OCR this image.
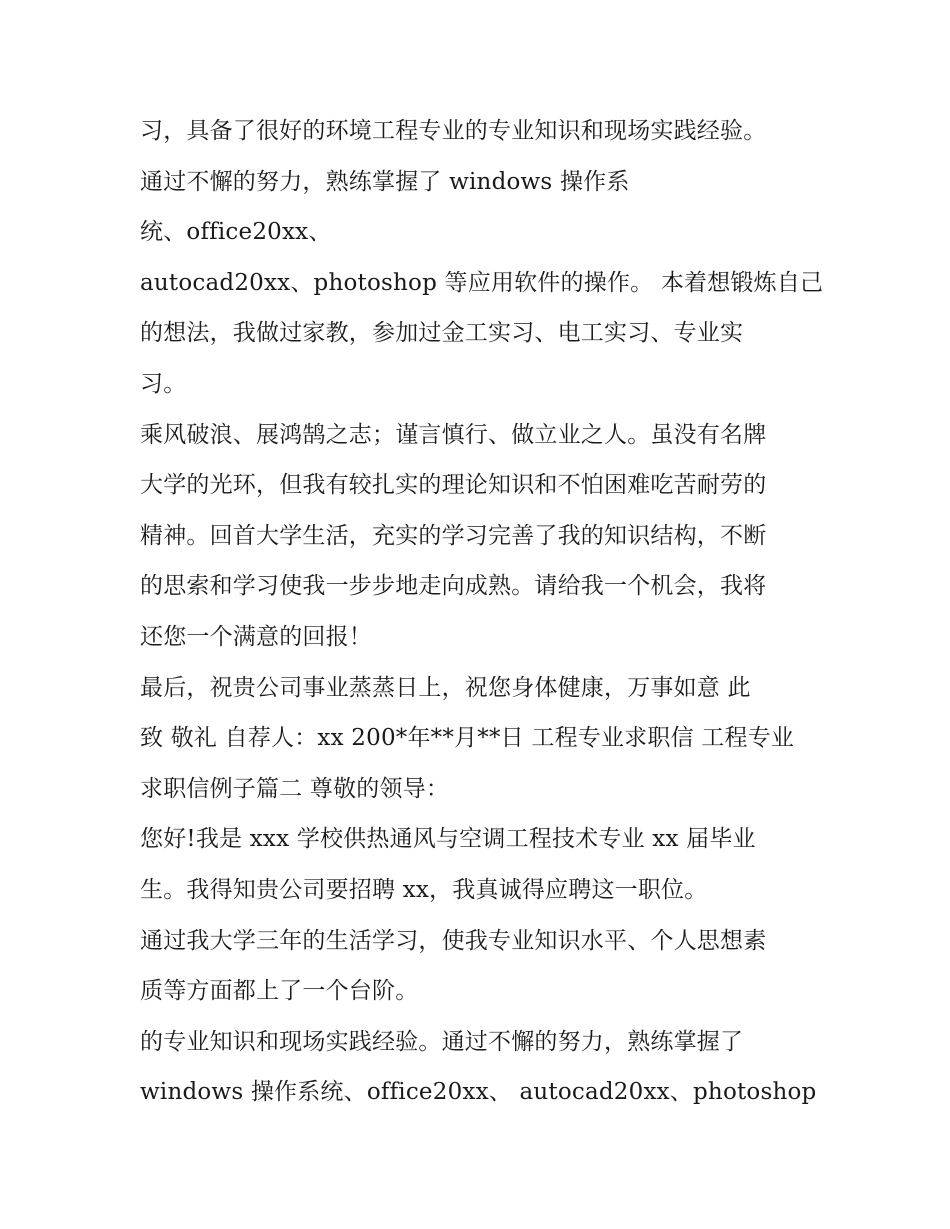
习，具备了很好的环境工程专业的专业知识和现场实践经验。
通过不懈的努力，熟练掌握了 windows 操作系
统、office20xx、
autocad20xx、photoshop 等应用软件的操作。 本着想锻炼自己
的想法，我做过家教，参加过金工实习、电工实习、专业实
习。
乘风破浪、展鸿鹄之志；谨言慎行、做立业之人。虽没有名牌
大学的光环，但我有较扎实的理论知识和不怕困难吃苦耐劳的
精神。回首大学生活，充实的学习完善了我的知识结构，不断
的思索和学习使我一步步地走向成熟。请给我一个机会，我将
还您一个满意的回报！
最后，祝贵公司事业蒸蒸日上，祝您身体健康，万事如意 此
致 敬礼 自荐人：xx 200*年**月**日 工程专业求职信 工程专业
求职信例子篇二 尊敬的领导：
您好!我是 xxx 学校供热通风与空调工程技术专业 xx 届毕业
生。我得知贵公司要招聘 xx，我真诚得应聘这一职位。
通过我大学三年的生活学习，使我专业知识水平、个人思想素
质等方面都上了一个台阶。
的专业知识和现场实践经验。通过不懈的努力，熟练掌握了
windows 操作系统、office20xx、 autocad20xx、photoshop
